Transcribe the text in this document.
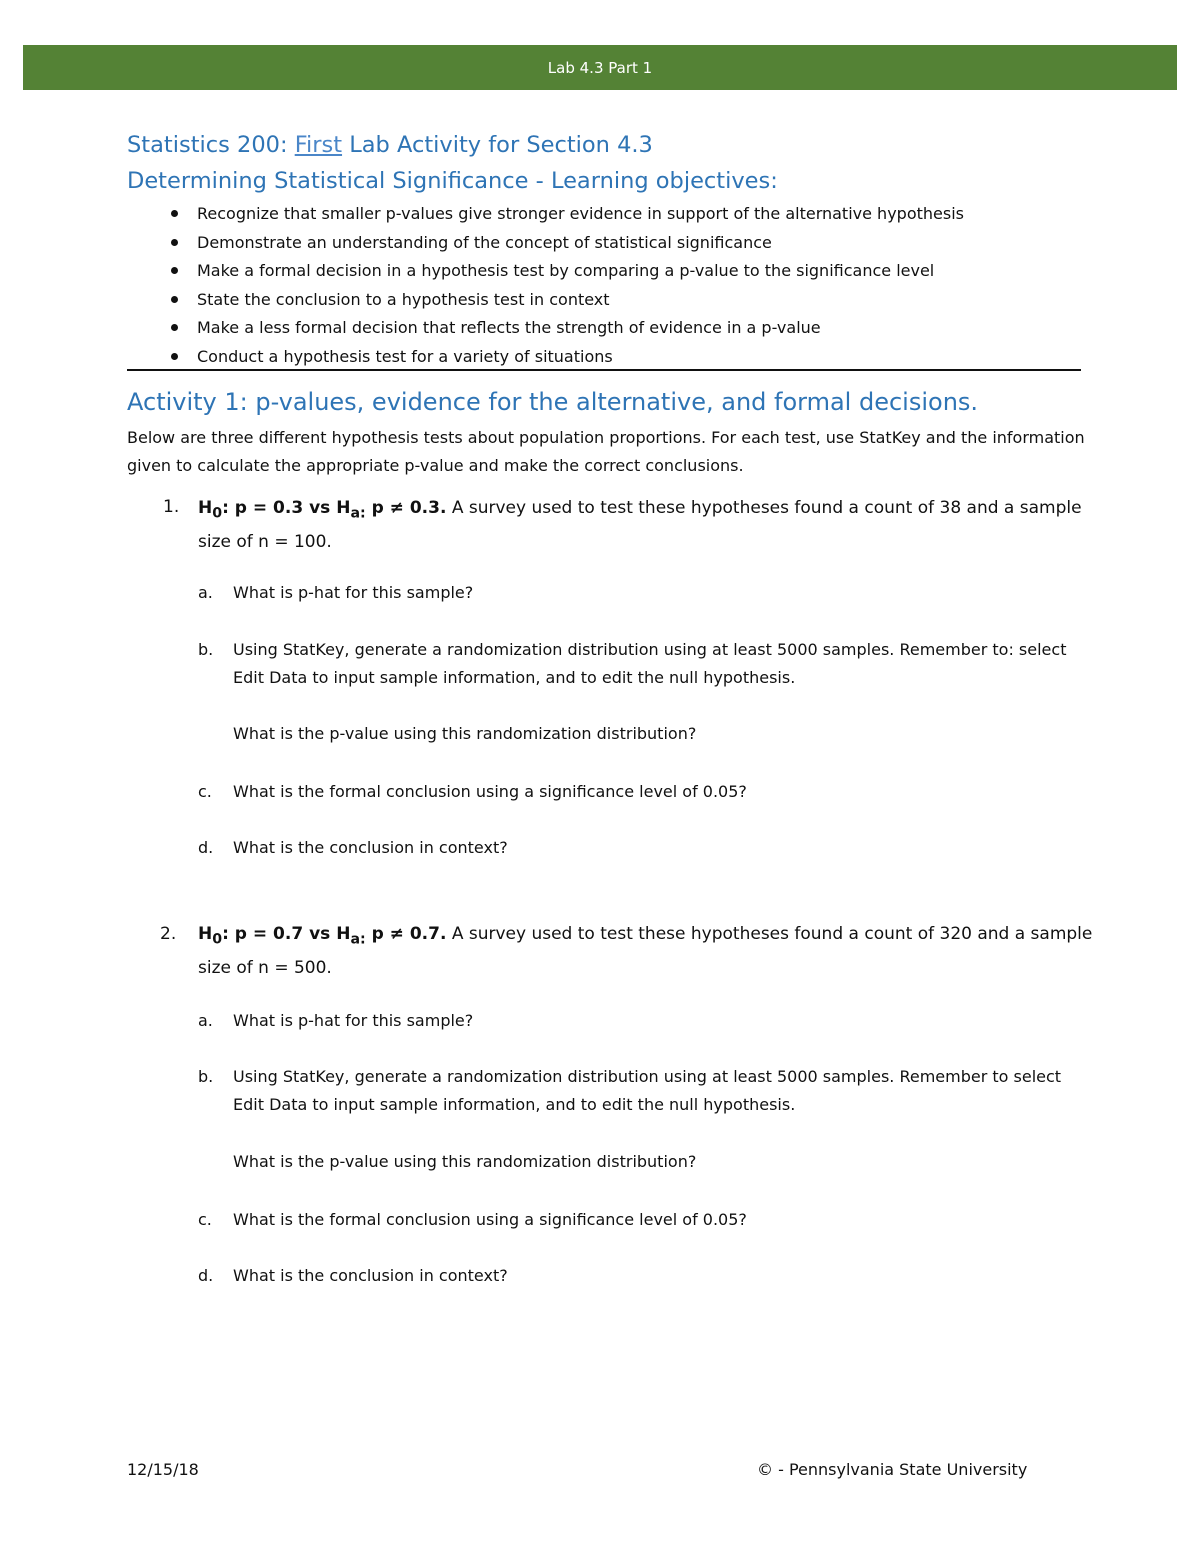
Lab 4.3 Part 1
Statistics 200: First Lab Activity for Section 4.3
Determining Statistical Significance - Learning objectives:
Recognize that smaller p-values give stronger evidence in support of the alternative hypothesis
Demonstrate an understanding of the concept of statistical significance
Make a formal decision in a hypothesis test by comparing a p-value to the significance level
State the conclusion to a hypothesis test in context
Make a less formal decision that reflects the strength of evidence in a p-value
Conduct a hypothesis test for a variety of situations
Activity 1: p-values, evidence for the alternative, and formal decisions.
Below are three different hypothesis tests about population proportions. For each test, use StatKey and the information given to calculate the appropriate p-value and make the correct conclusions.
1. $H_0$: p = 0.3 vs $H_{a:}$ p ≠ 0.3. A survey used to test these hypotheses found a count of 38 and a sample size of n = 100.
a. What is p-hat for this sample?
b. Using StatKey, generate a randomization distribution using at least 5000 samples. Remember to: select Edit Data to input sample information, and to edit the null hypothesis.
What is the p-value using this randomization distribution?
c. What is the formal conclusion using a significance level of 0.05?
d. What is the conclusion in context?
2. $H_0$: p = 0.7 vs $H_{a:}$ p ≠ 0.7. A survey used to test these hypotheses found a count of 320 and a sample size of n = 500.
a. What is p-hat for this sample?
b. Using StatKey, generate a randomization distribution using at least 5000 samples. Remember to select Edit Data to input sample information, and to edit the null hypothesis.
What is the p-value using this randomization distribution?
c. What is the formal conclusion using a significance level of 0.05?
d. What is the conclusion in context?
12/15/18	© - Pennsylvania State University
